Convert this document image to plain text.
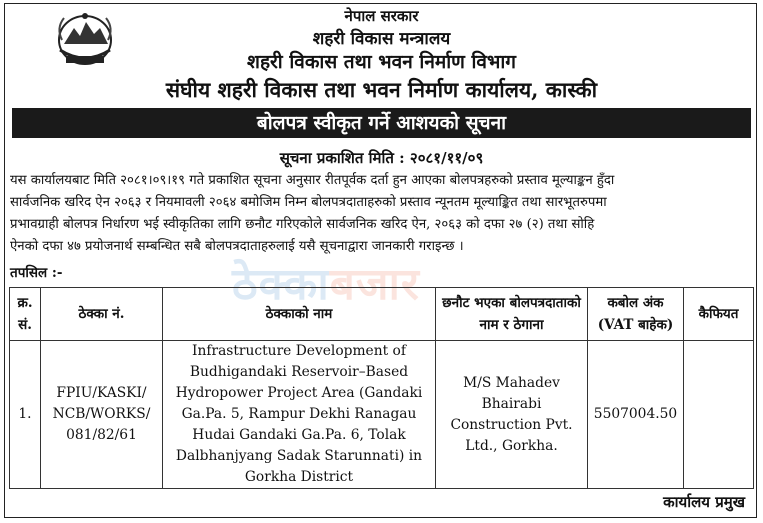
नेपाल सरकार
शहरी विकास मन्त्रालय
शहरी विकास तथा भवन निर्माण विभाग
संघीय शहरी विकास तथा भवन निर्माण कार्यालय, कास्की
बोलपत्र स्वीकृत गर्ने आशयको सूचना
सूचना प्रकाशित मिति : २०८१/११/०९
यस कार्यालयबाट मिति २०८१।०९।१९ गते प्रकाशित सूचना अनुसार रीतपूर्वक दर्ता हुन आएका बोलपत्रहरुको प्रस्ताव मूल्याङ्कन हुँदा
सार्वजनिक खरिद ऐन २०६३ र नियमावली २०६४ बमोजिम निम्न बोलपत्रदाताहरुको प्रस्ताव न्यूनतम मूल्याङ्कित तथा सारभूतरुपमा
प्रभावग्राही बोलपत्र निर्धारण भई स्वीकृतिका लागि छनौट गरिएकोले सार्वजनिक खरिद ऐन, २०६३ को दफा २७ (२) तथा सोहि
ऐनको दफा ४७ प्रयोजनार्थ सम्बन्धित सबै बोलपत्रदाताहरुलाई यसै सूचनाद्वारा जानकारी गराइन्छ ।
ठेक्काबजार
तपसिल :-
क्र. सं.	ठेक्का नं.	ठेक्काको नाम	छनौट भएका बोलपत्रदाताको नाम र ठेगाना	कबोल अंक (VAT बाहेक)	कैफियत
1.	FPIU/KASKI/ NCB/WORKS/ 081/82/61	Infrastructure Development of Budhigandaki Reservoir–Based Hydropower Project Area (Gandaki Ga.Pa. 5, Rampur Dekhi Ranagau Hudai Gandaki Ga.Pa. 6, Tolak Dalbhanjyang Sadak Starunnati) in Gorkha District	M/S Mahadev Bhairabi Construction Pvt. Ltd., Gorkha.	5507004.50	
कार्यालय प्रमुख
